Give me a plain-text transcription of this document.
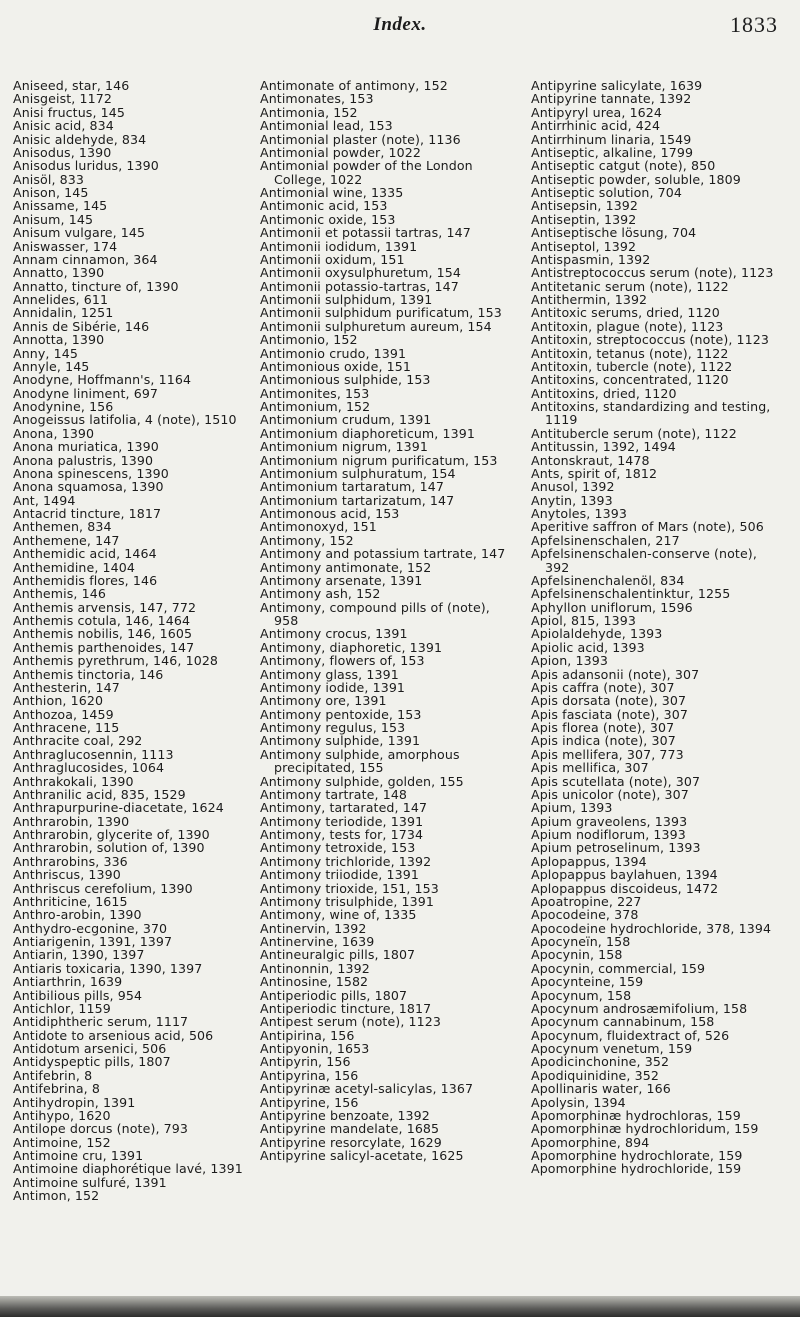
Index.	1833
Aniseed, star, 146
Anisgeist, 1172
Anisi fructus, 145
Anisic acid, 834
Anisic aldehyde, 834
Anisodus, 1390
Anisodus luridus, 1390
Anisöl, 833
Anison, 145
Anissame, 145
Anisum, 145
Anisum vulgare, 145
Aniswasser, 174
Annam cinnamon, 364
Annatto, 1390
Annatto, tincture of, 1390
Annelides, 611
Annidalin, 1251
Annis de Sibérie, 146
Annotta, 1390
Anny, 145
Annyle, 145
Anodyne, Hoffmann's, 1164
Anodyne liniment, 697
Anodynine, 156
Anogeissus latifolia, 4 (note), 1510
Anona, 1390
Anona muriatica, 1390
Anona palustris, 1390
Anona spinescens, 1390
Anona squamosa, 1390
Ant, 1494
Antacrid tincture, 1817
Anthemen, 834
Anthemene, 147
Anthemidic acid, 1464
Anthemidine, 1404
Anthemidis flores, 146
Anthemis, 146
Anthemis arvensis, 147, 772
Anthemis cotula, 146, 1464
Anthemis nobilis, 146, 1605
Anthemis parthenoides, 147
Anthemis pyrethrum, 146, 1028
Anthemis tinctoria, 146
Anthesterin, 147
Anthion, 1620
Anthozoa, 1459
Anthracene, 115
Anthracite coal, 292
Anthraglucosennin, 1113
Anthraglucosides, 1064
Anthrakokali, 1390
Anthranilic acid, 835, 1529
Anthrapurpurine-diacetate, 1624
Anthrarobin, 1390
Anthrarobin, glycerite of, 1390
Anthrarobin, solution of, 1390
Anthrarobins, 336
Anthriscus, 1390
Anthriscus cerefolium, 1390
Anthriticine, 1615
Anthro-arobin, 1390
Anthydro-ecgonine, 370
Antiarigenin, 1391, 1397
Antiarin, 1390, 1397
Antiaris toxicaria, 1390, 1397
Antiarthrin, 1639
Antibilious pills, 954
Antichlor, 1159
Antidiphtheric serum, 1117
Antidote to arsenious acid, 506
Antidotum arsenici, 506
Antidyspeptic pills, 1807
Antifebrin, 8
Antifebrina, 8
Antihydropin, 1391
Antihypo, 1620
Antilope dorcus (note), 793
Antimoine, 152
Antimoine cru, 1391
Antimoine diaphorétique lavé, 1391
Antimoine sulfuré, 1391
Antimon, 152
Antimonate of antimony, 152
Antimonates, 153
Antimonia, 152
Antimonial lead, 153
Antimonial plaster (note), 1136
Antimonial powder, 1022
Antimonial powder of the London College, 1022
Antimonial wine, 1335
Antimonic acid, 153
Antimonic oxide, 153
Antimonii et potassii tartras, 147
Antimonii iodidum, 1391
Antimonii oxidum, 151
Antimonii oxysulphuretum, 154
Antimonii potassio-tartras, 147
Antimonii sulphidum, 1391
Antimonii sulphidum purificatum, 153
Antimonii sulphuretum aureum, 154
Antimonio, 152
Antimonio crudo, 1391
Antimonious oxide, 151
Antimonious sulphide, 153
Antimonites, 153
Antimonium, 152
Antimonium crudum, 1391
Antimonium diaphoreticum, 1391
Antimonium nigrum, 1391
Antimonium nigrum purificatum, 153
Antimonium sulphuratum, 154
Antimonium tartaratum, 147
Antimonium tartarizatum, 147
Antimonous acid, 153
Antimonoxyd, 151
Antimony, 152
Antimony and potassium tartrate, 147
Antimony antimonate, 152
Antimony arsenate, 1391
Antimony ash, 152
Antimony, compound pills of (note), 958
Antimony crocus, 1391
Antimony, diaphoretic, 1391
Antimony, flowers of, 153
Antimony glass, 1391
Antimony iodide, 1391
Antimony ore, 1391
Antimony pentoxide, 153
Antimony regulus, 153
Antimony sulphide, 1391
Antimony sulphide, amorphous precipitated, 155
Antimony sulphide, golden, 155
Antimony tartrate, 148
Antimony, tartarated, 147
Antimony teriodide, 1391
Antimony, tests for, 1734
Antimony tetroxide, 153
Antimony trichloride, 1392
Antimony triiodide, 1391
Antimony trioxide, 151, 153
Antimony trisulphide, 1391
Antimony, wine of, 1335
Antinervin, 1392
Antinervine, 1639
Antineuralgic pills, 1807
Antinonnin, 1392
Antinosine, 1582
Antiperiodic pills, 1807
Antiperiodic tincture, 1817
Antipest serum (note), 1123
Antipirina, 156
Antipyonin, 1653
Antipyrin, 156
Antipyrina, 156
Antipyrinæ acetyl-salicylas, 1367
Antipyrine, 156
Antipyrine benzoate, 1392
Antipyrine mandelate, 1685
Antipyrine resorcylate, 1629
Antipyrine salicyl-acetate, 1625
Antipyrine salicylate, 1639
Antipyrine tannate, 1392
Antipyryl urea, 1624
Antirrhinic acid, 424
Antirrhinum linaria, 1549
Antiseptic, alkaline, 1799
Antiseptic catgut (note), 850
Antiseptic powder, soluble, 1809
Antiseptic solution, 704
Antisepsin, 1392
Antiseptin, 1392
Antiseptische lösung, 704
Antiseptol, 1392
Antispasmin, 1392
Antistreptococcus serum (note), 1123
Antitetanic serum (note), 1122
Antithermin, 1392
Antitoxic serums, dried, 1120
Antitoxin, plague (note), 1123
Antitoxin, streptococcus (note), 1123
Antitoxin, tetanus (note), 1122
Antitoxin, tubercle (note), 1122
Antitoxins, concentrated, 1120
Antitoxins, dried, 1120
Antitoxins, standardizing and testing, 1119
Antitubercle serum (note), 1122
Antitussin, 1392, 1494
Antonskraut, 1478
Ants, spirit of, 1812
Anusol, 1392
Anytin, 1393
Anytoles, 1393
Aperitive saffron of Mars (note), 506
Apfelsinenschalen, 217
Apfelsinenschalen-conserve (note), 392
Apfelsinenchalenöl, 834
Apfelsinenschalentinktur, 1255
Aphyllon uniflorum, 1596
Apiol, 815, 1393
Apiolaldehyde, 1393
Apiolic acid, 1393
Apion, 1393
Apis adansonii (note), 307
Apis caffra (note), 307
Apis dorsata (note), 307
Apis fasciata (note), 307
Apis florea (note), 307
Apis indica (note), 307
Apis mellifera, 307, 773
Apis mellifica, 307
Apis scutellata (note), 307
Apis unicolor (note), 307
Apium, 1393
Apium graveolens, 1393
Apium nodiflorum, 1393
Apium petroselinum, 1393
Aplopappus, 1394
Aplopappus baylahuen, 1394
Aplopappus discoideus, 1472
Apoatropine, 227
Apocodeine, 378
Apocodeine hydrochloride, 378, 1394
Apocyneïn, 158
Apocynin, 158
Apocynin, commercial, 159
Apocynteine, 159
Apocynum, 158
Apocynum androsæmifolium, 158
Apocynum cannabinum, 158
Apocynum, fluidextract of, 526
Apocynum venetum, 159
Apodicinchonine, 352
Apodiquinidine, 352
Apollinaris water, 166
Apolysin, 1394
Apomorphinæ hydrochloras, 159
Apomorphinæ hydrochloridum, 159
Apomorphine, 894
Apomorphine hydrochlorate, 159
Apomorphine hydrochloride, 159
